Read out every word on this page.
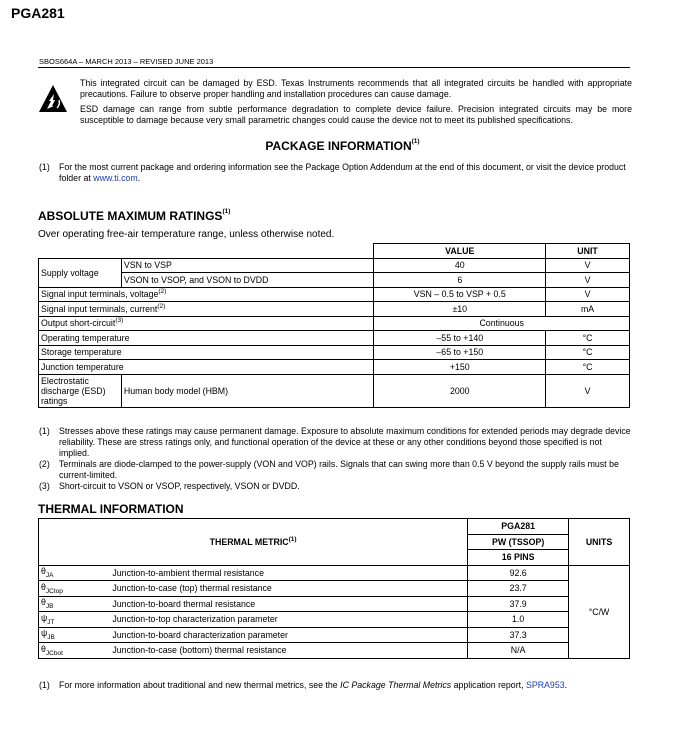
PGA281
SBOS664A – MARCH 2013 – REVISED JUNE 2013
This integrated circuit can be damaged by ESD. Texas Instruments recommends that all integrated circuits be handled with appropriate precautions. Failure to observe proper handling and installation procedures can cause damage.
ESD damage can range from subtle performance degradation to complete device failure. Precision integrated circuits may be more susceptible to damage because very small parametric changes could cause the device not to meet its published specifications.
PACKAGE INFORMATION$^{(1)}$
(1) For the most current package and ordering information see the Package Option Addendum at the end of this document, or visit the device product folder at www.ti.com.
ABSOLUTE MAXIMUM RATINGS$^{(1)}$
Over operating free-air temperature range, unless otherwise noted.
		VALUE	UNIT
Supply voltage	VSN to VSP	40	V
	VSON to VSOP, and VSON to DVDD	6	V
Signal input terminals, voltage$^{(2)}$		VSN – 0.5 to VSP + 0.5	V
Signal input terminals, current$^{(2)}$		±10	mA
Output short-circuit$^{(3)}$		Continuous	
Operating temperature		–55 to +140	°C
Storage temperature		–65 to +150	°C
Junction temperature		+150	°C
Electrostatic
discharge (ESD)
ratings	Human body model (HBM)	2000	V
(1) Stresses above these ratings may cause permanent damage. Exposure to absolute maximum conditions for extended periods may degrade device reliability. These are stress ratings only, and functional operation of the device at these or any other conditions beyond those specified is not implied.
(2) Terminals are diode-clamped to the power-supply (VON and VOP) rails. Signals that can swing more than 0.5 V beyond the supply rails must be current-limited.
(3) Short-circuit to VSON or VSOP, respectively, VSON or DVDD.
THERMAL INFORMATION
THERMAL METRIC$^{(1)}$		PGA281	UNITS
		PW (TSSOP)	
		16 PINS	
$\theta_{JA}$	Junction-to-ambient thermal resistance	92.6	°C/W
$\theta_{JCtop}$	Junction-to-case (top) thermal resistance	23.7	
$\theta_{JB}$	Junction-to-board thermal resistance	37.9	
$\psi_{JT}$	Junction-to-top characterization parameter	1.0	
$\psi_{JB}$	Junction-to-board characterization parameter	37.3	
$\theta_{JCbot}$	Junction-to-case (bottom) thermal resistance	N/A	
(1) For more information about traditional and new thermal metrics, see the IC Package Thermal Metrics application report, SPRA953.
